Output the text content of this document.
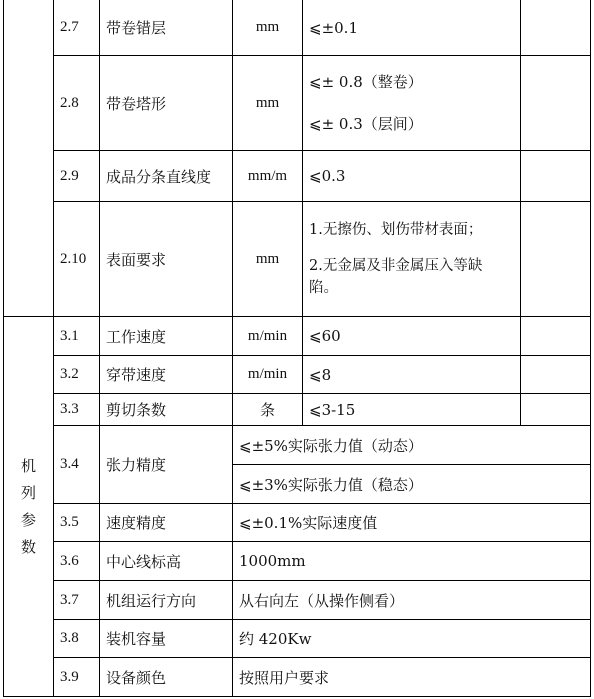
2.7	带卷错层	mm	⩽±0.1
2.8	带卷塔形	mm
⩽± 0.8（整卷）
⩽± 0.3（层间）
2.9	成品分条直线度	mm/m	⩽0.3
2.10	表面要求	mm
1.无擦伤、划伤带材表面；
2.无金属及非金属压入等缺
陷。
机
列
参
数
3.1	工作速度	m/min	⩽60
3.2	穿带速度	m/min	⩽8
3.3	剪切条数	条	⩽3-15
3.4	张力精度
⩽±5%实际张力值（动态）
⩽±3%实际张力值（稳态）
3.5	速度精度	⩽±0.1%实际速度值
3.6	中心线标高	1000mm
3.7	机组运行方向	从右向左（从操作侧看）
3.8	装机容量	约 420Kw
3.9	设备颜色	按照用户要求
